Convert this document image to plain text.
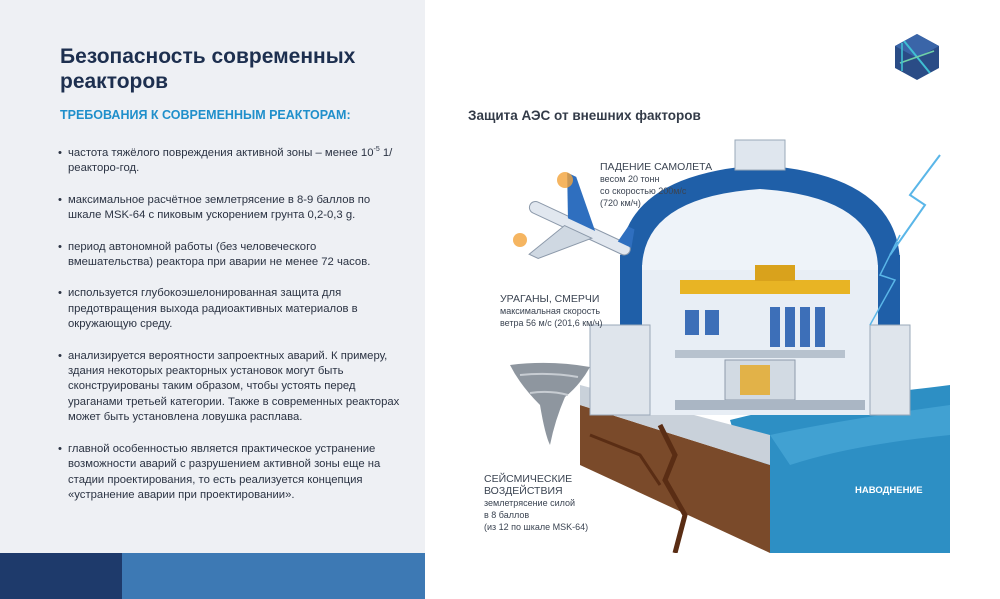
Безопасность современных реакторов
ТРЕБОВАНИЯ К СОВРЕМЕННЫМ РЕАКТОРАМ:
• частота тяжёлого повреждения активной зоны – менее $10^{-5}$ 1/реакторо-год.
• максимальное расчётное землетрясение в 8-9 баллов по шкале MSK-64 с пиковым ускорением грунта 0,2-0,3 g.
• период автономной работы (без человеческого вмешательства) реактора при аварии не менее 72 часов.
• используется глубокоэшелонированная защита для предотвращения выхода радиоактивных материалов в окружающую среду.
• анализируется вероятности запроектных аварий. К примеру, здания некоторых реакторных установок могут быть сконструированы таким образом, чтобы устоять перед ураганами третьей категории. Также в современных реакторах может быть установлена ловушка расплава.
• главной особенностью является практическое устранение возможности аварий с разрушением активной зоны еще на стадии проектирования, то есть реализуется концепция «устранение аварии при проектировании».
Защита АЭС от внешних факторов
ПАДЕНИЕ САМОЛЕТА
весом 20 тонн
со скоростью 200м/с
(720 км/ч)
УРАГАНЫ, СМЕРЧИ
максимальная скорость
ветра 56 м/с (201,6 км/ч)
СЕЙСМИЧЕСКИЕ
ВОЗДЕЙСТВИЯ
землетрясение силой
в 8 баллов
(из 12 по шкале MSK-64)
НАВОДНЕНИЕ
